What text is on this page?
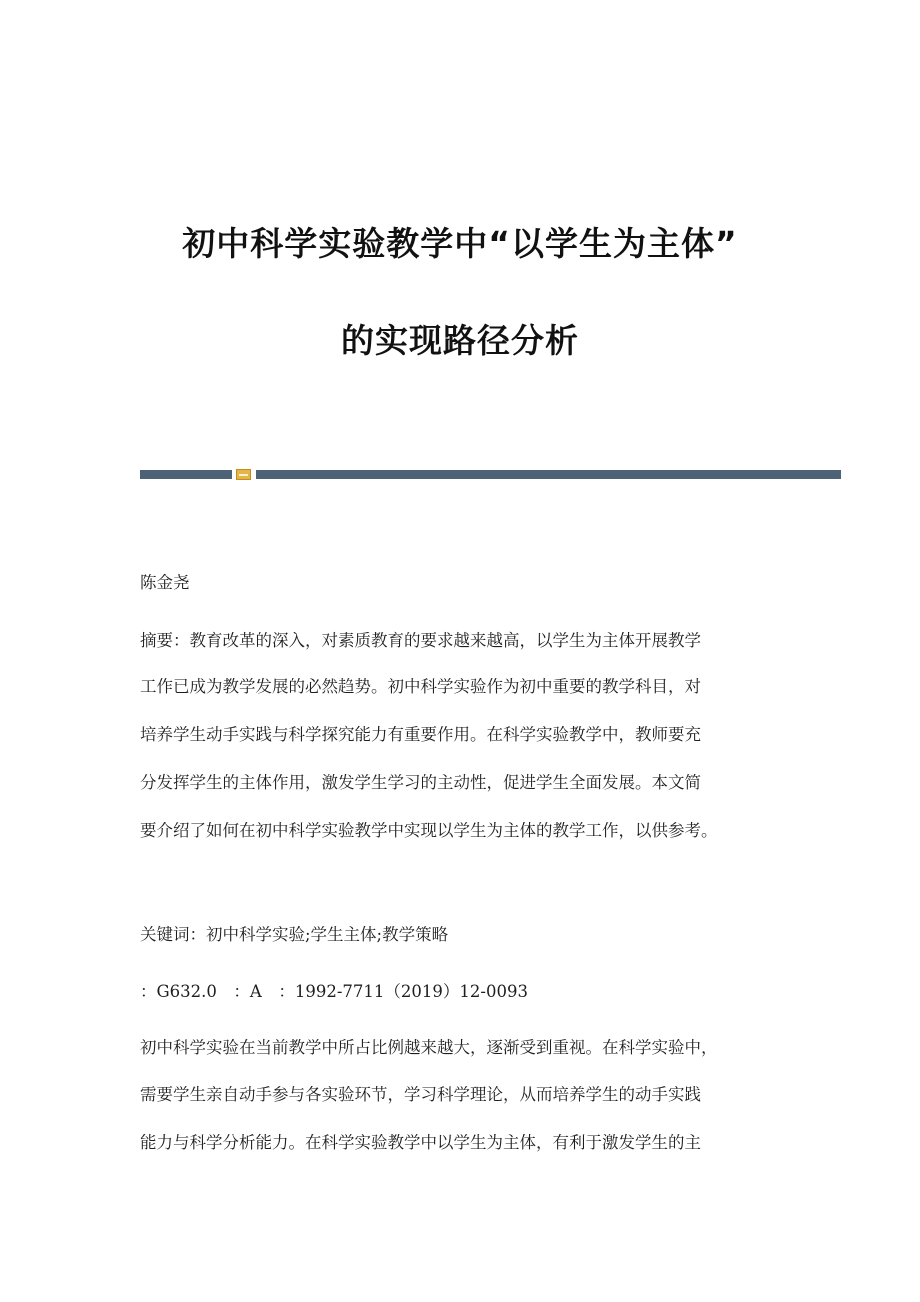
初中科学实验教学中“以学生为主体”
的实现路径分析
陈金尧
摘要：教育改革的深入，对素质教育的要求越来越高，以学生为主体开展教学
工作已成为教学发展的必然趋势。初中科学实验作为初中重要的教学科目，对
培养学生动手实践与科学探究能力有重要作用。在科学实验教学中，教师要充
分发挥学生的主体作用，激发学生学习的主动性，促进学生全面发展。本文简
要介绍了如何在初中科学实验教学中实现以学生为主体的教学工作，以供参考。
关键词：初中科学实验;学生主体;教学策略
：G632.0　：A　：1992-7711（2019）12-0093
初中科学实验在当前教学中所占比例越来越大，逐渐受到重视。在科学实验中，
需要学生亲自动手参与各实验环节，学习科学理论，从而培养学生的动手实践
能力与科学分析能力。在科学实验教学中以学生为主体，有利于激发学生的主
